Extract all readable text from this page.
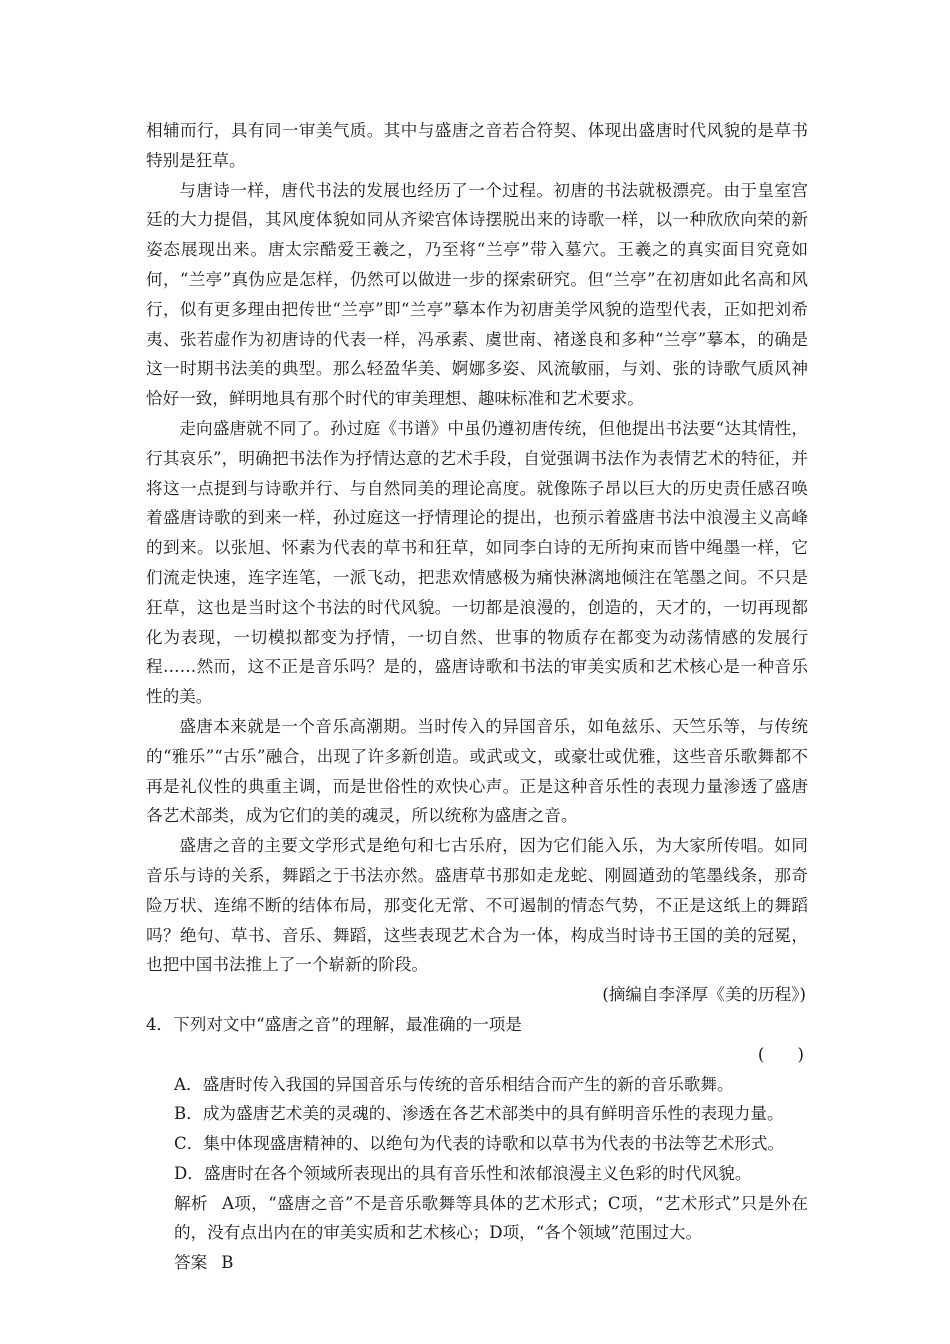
相辅而行，具有同一审美气质。其中与盛唐之音若合符契、体现出盛唐时代风貌的是草书特别是狂草。

与唐诗一样，唐代书法的发展也经历了一个过程。初唐的书法就极漂亮。由于皇室宫廷的大力提倡，其风度体貌如同从齐梁宫体诗摆脱出来的诗歌一样，以一种欣欣向荣的新姿态展现出来。唐太宗酷爱王羲之，乃至将“兰亭”带入墓穴。王羲之的真实面目究竟如何，“兰亭”真伪应是怎样，仍然可以做进一步的探索研究。但“兰亭”在初唐如此名高和风行，似有更多理由把传世“兰亭”即“兰亭”摹本作为初唐美学风貌的造型代表，正如把刘希夷、张若虚作为初唐诗的代表一样，冯承素、虞世南、褚遂良和多种“兰亭”摹本，的确是这一时期书法美的典型。那么轻盈华美、婀娜多姿、风流敏丽，与刘、张的诗歌气质风神恰好一致，鲜明地具有那个时代的审美理想、趣味标准和艺术要求。

走向盛唐就不同了。孙过庭《书谱》中虽仍遵初唐传统，但他提出书法要“达其情性，行其哀乐”，明确把书法作为抒情达意的艺术手段，自觉强调书法作为表情艺术的特征，并将这一点提到与诗歌并行、与自然同美的理论高度。就像陈子昂以巨大的历史责任感召唤着盛唐诗歌的到来一样，孙过庭这一抒情理论的提出，也预示着盛唐书法中浪漫主义高峰的到来。以张旭、怀素为代表的草书和狂草，如同李白诗的无所拘束而皆中绳墨一样，它们流走快速，连字连笔，一派飞动，把悲欢情感极为痛快淋漓地倾注在笔墨之间。不只是狂草，这也是当时这个书法的时代风貌。一切都是浪漫的，创造的，天才的，一切再现都化为表现，一切模拟都变为抒情，一切自然、世事的物质存在都变为动荡情感的发展行程……然而，这不正是音乐吗？是的，盛唐诗歌和书法的审美实质和艺术核心是一种音乐性的美。

盛唐本来就是一个音乐高潮期。当时传入的异国音乐，如龟兹乐、天竺乐等，与传统的“雅乐”“古乐”融合，出现了许多新创造。或武或文，或豪壮或优雅，这些音乐歌舞都不再是礼仪性的典重主调，而是世俗性的欢快心声。正是这种音乐性的表现力量渗透了盛唐各艺术部类，成为它们的美的魂灵，所以统称为盛唐之音。

盛唐之音的主要文学形式是绝句和七古乐府，因为它们能入乐，为大家所传唱。如同音乐与诗的关系，舞蹈之于书法亦然。盛唐草书那如走龙蛇、刚圆遒劲的笔墨线条，那奇险万状、连绵不断的结体布局，那变化无常、不可遏制的情态气势，不正是这纸上的舞蹈吗？绝句、草书、音乐、舞蹈，这些表现艺术合为一体，构成当时诗书王国的美的冠冕，也把中国书法推上了一个崭新的阶段。

(摘编自李泽厚《美的历程》)

4．下列对文中“盛唐之音”的理解，最准确的一项是

(　　)

A．盛唐时传入我国的异国音乐与传统的音乐相结合而产生的新的音乐歌舞。

B．成为盛唐艺术美的灵魂的、渗透在各艺术部类中的具有鲜明音乐性的表现力量。

C．集中体现盛唐精神的、以绝句为代表的诗歌和以草书为代表的书法等艺术形式。

D．盛唐时在各个领域所表现出的具有音乐性和浓郁浪漫主义色彩的时代风貌。

解析 A项，“盛唐之音”不是音乐歌舞等具体的艺术形式；C项，“艺术形式”只是外在的，没有点出内在的审美实质和艺术核心；D项，“各个领域”范围过大。

答案 B
